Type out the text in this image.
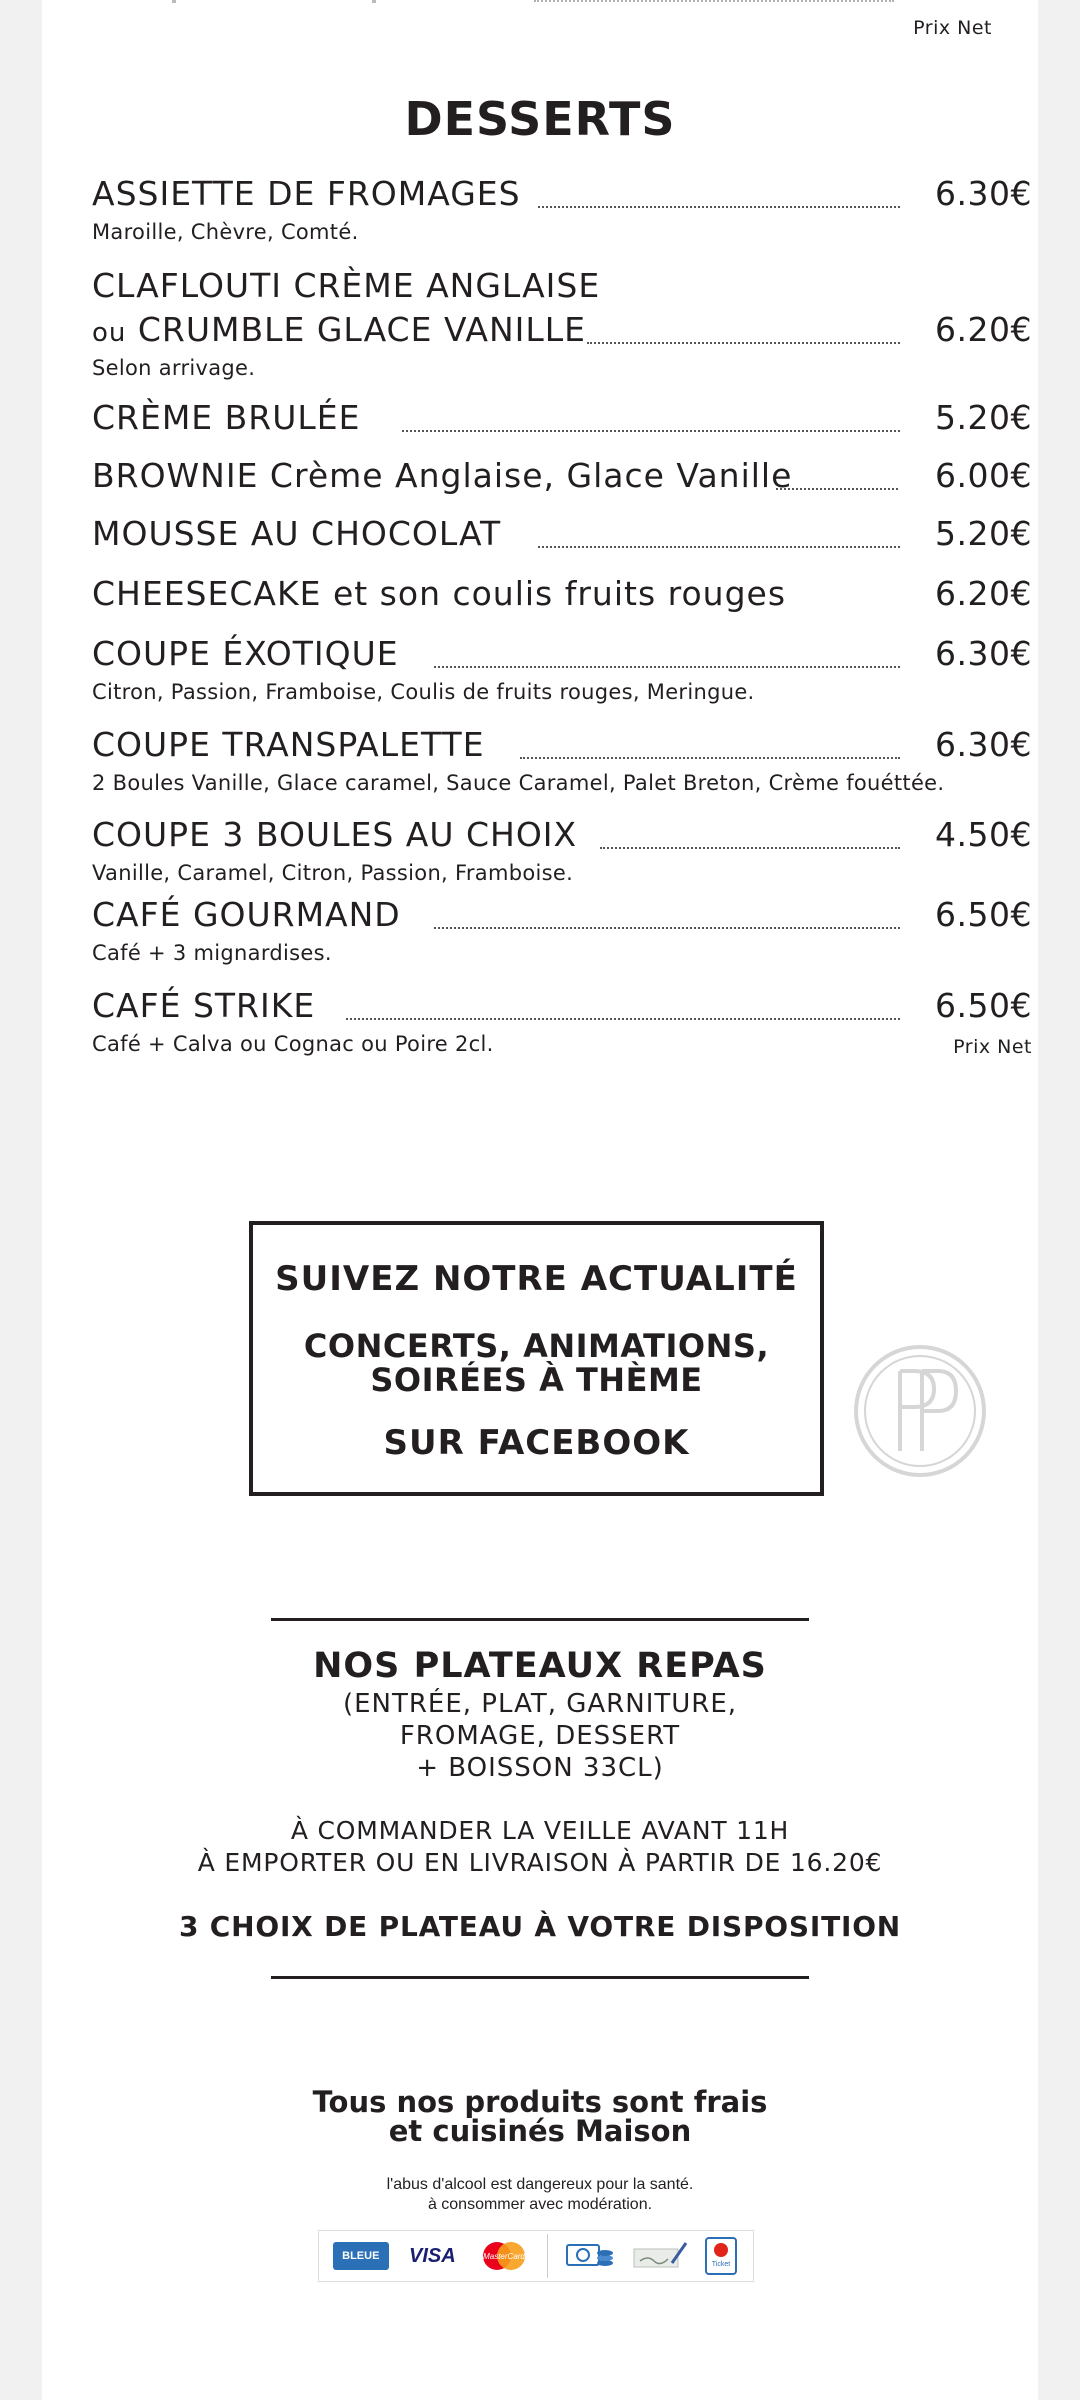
Prix Net
DESSERTS
ASSIETTE DE FROMAGES	6.30€
Maroille, Chèvre, Comté.
CLAFLOUTI CRÈME ANGLAISE
ou CRUMBLE GLACE VANILLE	6.20€
Selon arrivage.
CRÈME BRULÉE	5.20€
BROWNIE Crème Anglaise, Glace Vanille	6.00€
MOUSSE AU CHOCOLAT	5.20€
CHEESECAKE et son coulis fruits rouges	6.20€
COUPE ÉXOTIQUE	6.30€
Citron, Passion, Framboise, Coulis de fruits rouges, Meringue.
COUPE TRANSPALETTE	6.30€
2 Boules Vanille, Glace caramel, Sauce Caramel, Palet Breton, Crème fouéttée.
COUPE 3 BOULES AU CHOIX	4.50€
Vanille, Caramel, Citron, Passion, Framboise.
CAFÉ GOURMAND	6.50€
Café + 3 mignardises.
CAFÉ STRIKE	6.50€
Café + Calva ou Cognac ou Poire 2cl.	Prix Net
SUIVEZ NOTRE ACTUALITÉ
CONCERTS, ANIMATIONS,
SOIRÉES À THÈME
SUR FACEBOOK
NOS PLATEAUX REPAS
(ENTRÉE, PLAT, GARNITURE,
FROMAGE, DESSERT
+ BOISSON 33CL)
À COMMANDER LA VEILLE AVANT 11H
À EMPORTER OU EN LIVRAISON À PARTIR DE 16.20€
3 CHOIX DE PLATEAU À VOTRE DISPOSITION
Tous nos produits sont frais
et cuisinés Maison
l'abus d'alcool est dangereux pour la santé.
à consommer avec modération.
BLEUE	VISA	MasterCard
Ticket
